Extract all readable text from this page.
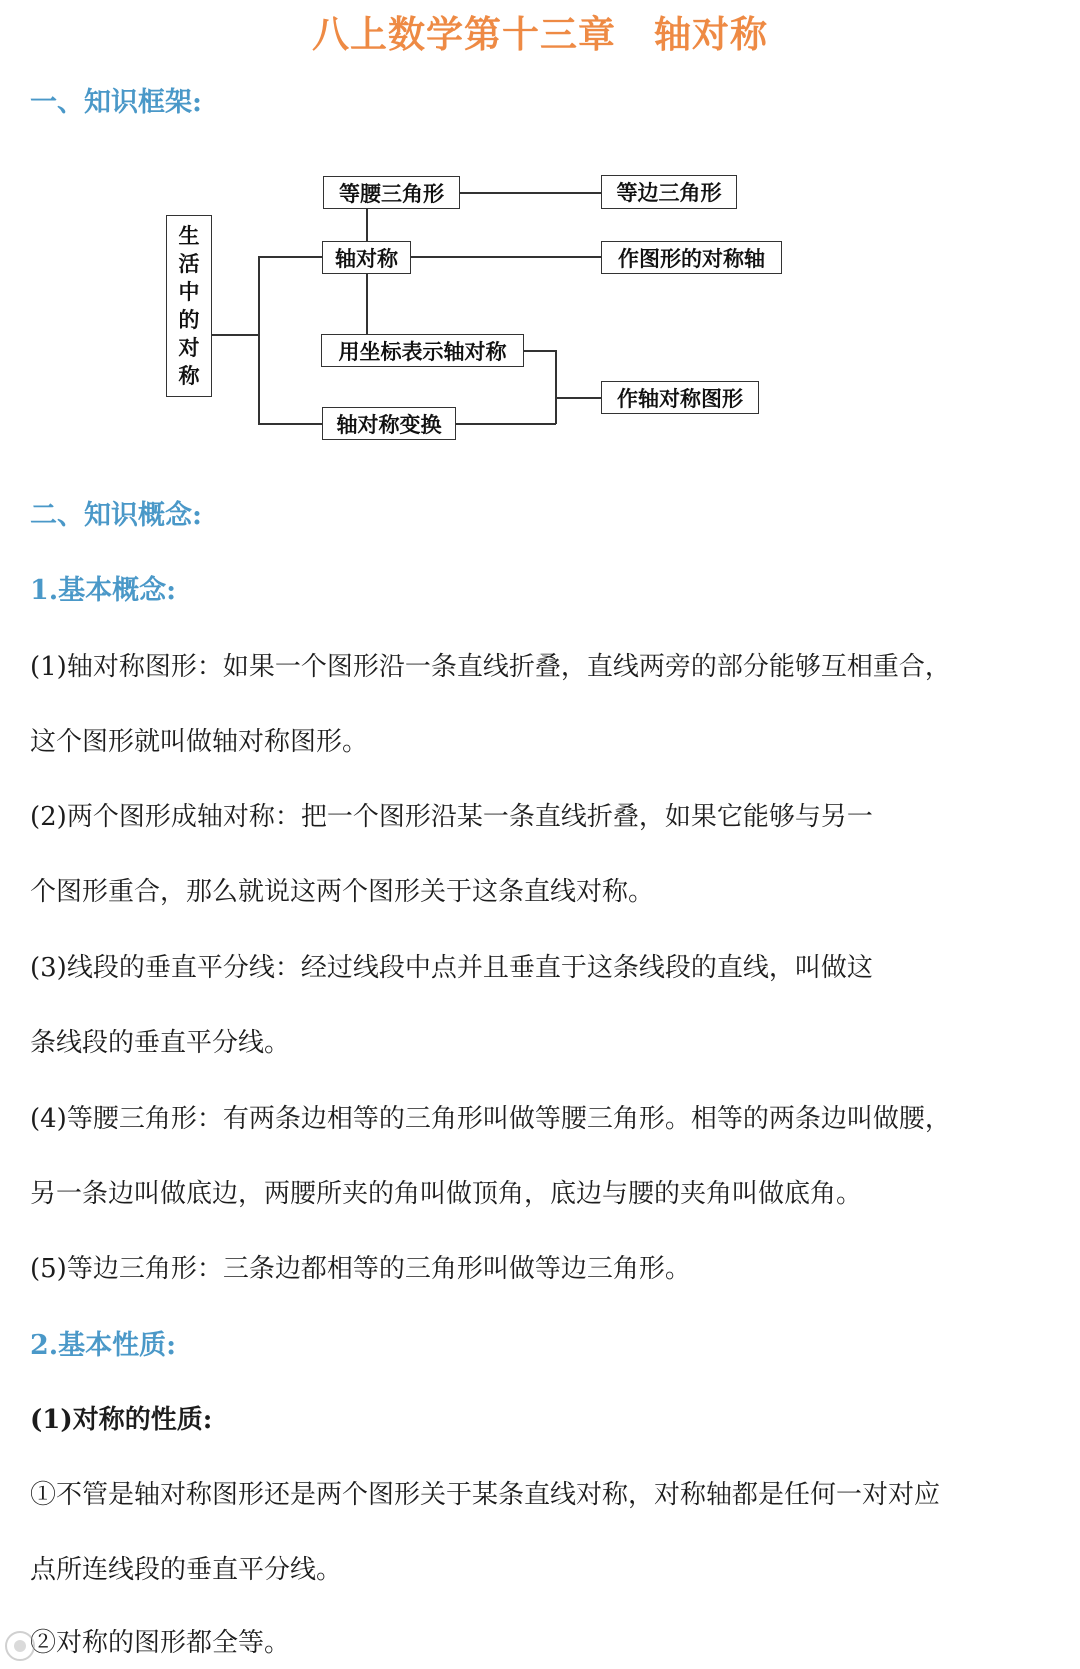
八上数学第十三章　轴对称
一、知识框架:
生
活
中
的
对
称
等腰三角形	等边三角形
轴对称	作图形的对称轴
用坐标表示轴对称
轴对称变换
作轴对称图形
二、知识概念:
1.基本概念:
(1)轴对称图形：如果一个图形沿一条直线折叠，直线两旁的部分能够互相重合，
这个图形就叫做轴对称图形。
(2)两个图形成轴对称：把一个图形沿某一条直线折叠，如果它能够与另一
个图形重合，那么就说这两个图形关于这条直线对称。
(3)线段的垂直平分线：经过线段中点并且垂直于这条线段的直线，叫做这
条线段的垂直平分线。
(4)等腰三角形：有两条边相等的三角形叫做等腰三角形。相等的两条边叫做腰，
另一条边叫做底边，两腰所夹的角叫做顶角，底边与腰的夹角叫做底角。
(5)等边三角形：三条边都相等的三角形叫做等边三角形。
2.基本性质:
(1)对称的性质:
①不管是轴对称图形还是两个图形关于某条直线对称，对称轴都是任何一对对应
点所连线段的垂直平分线。
②对称的图形都全等。
